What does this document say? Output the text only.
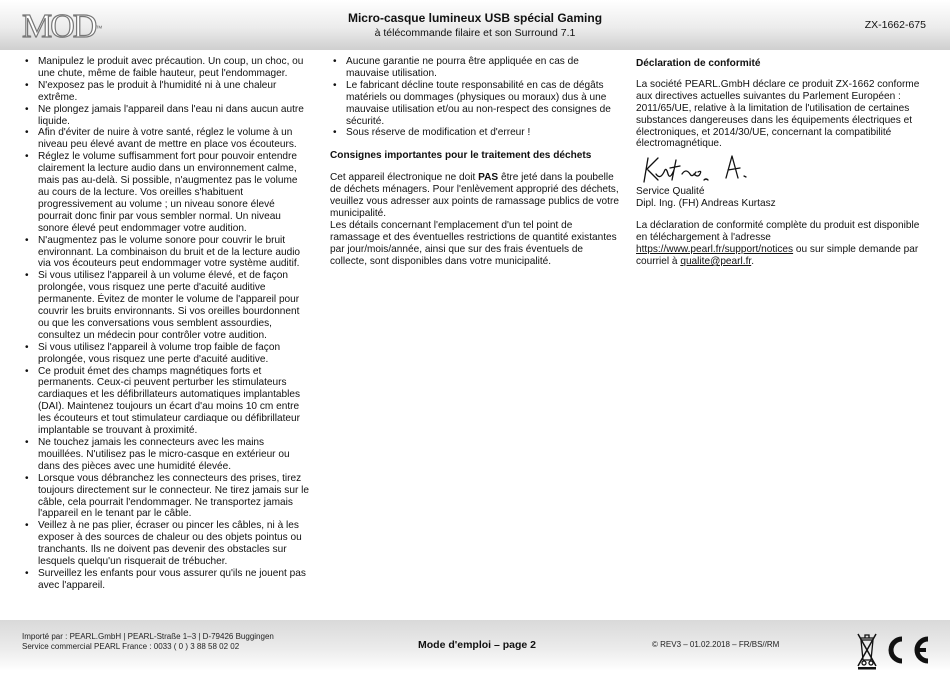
MOD™
Micro-casque lumineux USB spécial Gaming
à télécommande filaire et son Surround 7.1
ZX-1662-675
• Manipulez le produit avec précaution. Un coup, un choc, ou une chute, même de faible hauteur, peut l'endommager.
• N'exposez pas le produit à l'humidité ni à une chaleur extrême.
• Ne plongez jamais l'appareil dans l'eau ni dans aucun autre liquide.
• Afin d'éviter de nuire à votre santé, réglez le volume à un niveau peu élevé avant de mettre en place vos écouteurs.
• Réglez le volume suffisamment fort pour pouvoir entendre clairement la lecture audio dans un environnement calme, mais pas au-delà. Si possible, n'augmentez pas le volume au cours de la lecture. Vos oreilles s'habituent progressivement au volume ; un niveau sonore élevé pourrait donc finir par vous sembler normal. Un niveau sonore élevé peut endommager votre audition.
• N'augmentez pas le volume sonore pour couvrir le bruit environnant. La combinaison du bruit et de la lecture audio via vos écouteurs peut endommager votre système auditif.
• Si vous utilisez l'appareil à un volume élevé, et de façon prolongée, vous risquez une perte d'acuité auditive permanente. Évitez de monter le volume de l'appareil pour couvrir les bruits environnants. Si vos oreilles bourdonnent ou que les conversations vous semblent assourdies, consultez un médecin pour contrôler votre audition.
• Si vous utilisez l'appareil à volume trop faible de façon prolongée, vous risquez une perte d'acuité auditive.
• Ce produit émet des champs magnétiques forts et permanents. Ceux-ci peuvent perturber les stimulateurs cardiaques et les défibrillateurs automatiques implantables (DAI). Maintenez toujours un écart d'au moins 10 cm entre les écouteurs et tout stimulateur cardiaque ou défibrillateur implantable se trouvant à proximité.
• Ne touchez jamais les connecteurs avec les mains mouillées. N'utilisez pas le micro-casque en extérieur ou dans des pièces avec une humidité élevée.
• Lorsque vous débranchez les connecteurs des prises, tirez toujours directement sur le connecteur. Ne tirez jamais sur le câble, cela pourrait l'endommager. Ne transportez jamais l'appareil en le tenant par le câble.
• Veillez à ne pas plier, écraser ou pincer les câbles, ni à les exposer à des sources de chaleur ou des objets pointus ou tranchants. Ils ne doivent pas devenir des obstacles sur lesquels quelqu'un risquerait de trébucher.
• Surveillez les enfants pour vous assurer qu'ils ne jouent pas avec l'appareil.
• Aucune garantie ne pourra être appliquée en cas de mauvaise utilisation.
• Le fabricant décline toute responsabilité en cas de dégâts matériels ou dommages (physiques ou moraux) dus à une mauvaise utilisation et/ou au non-respect des consignes de sécurité.
• Sous réserve de modification et d'erreur !
Consignes importantes pour le traitement des déchets

Cet appareil électronique ne doit PAS être jeté dans la poubelle de déchets ménagers. Pour l'enlèvement approprié des déchets, veuillez vous adresser aux points de ramassage publics de votre municipalité.

Les détails concernant l'emplacement d'un tel point de ramassage et des éventuelles restrictions de quantité existantes par jour/mois/année, ainsi que sur des frais éventuels de collecte, sont disponibles dans votre municipalité.

Déclaration de conformité

La société PEARL.GmbH déclare ce produit ZX-1662 conforme aux directives actuelles suivantes du Parlement Européen : 2011/65/UE, relative à la limitation de l'utilisation de certaines substances dangereuses dans les équipements électriques et électroniques, et 2014/30/UE, concernant la compatibilité électromagnétique.

Service Qualité

Dipl. Ing. (FH) Andreas Kurtasz

La déclaration de conformité complète du produit est disponible en téléchargement à l'adresse https://www.pearl.fr/support/notices ou sur simple demande par courriel à qualite@pearl.fr.

Importé par : PEARL.GmbH | PEARL-Straße 1–3 | D-79426 Buggingen
Service commercial PEARL France : 0033 ( 0 ) 3 88 58 02 02	Mode d'emploi – page 2	© REV3 – 01.02.2018 – FR/BS//RM
